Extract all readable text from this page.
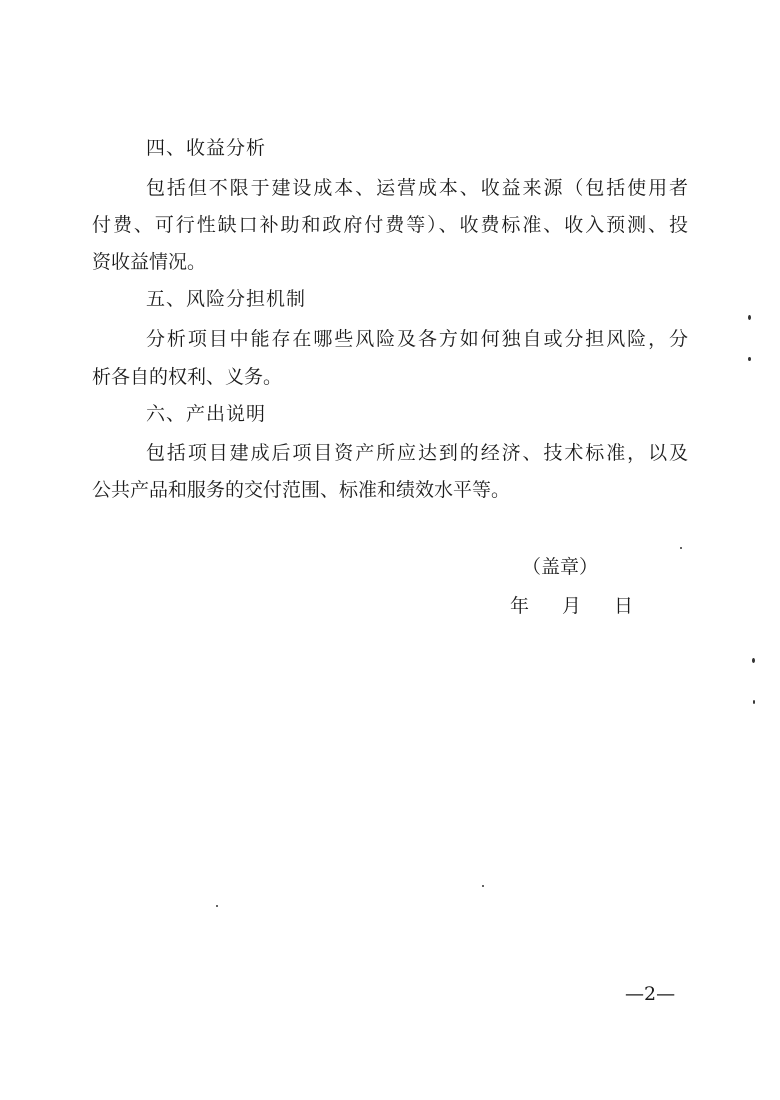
四、收益分析
包括但不限于建设成本、运营成本、收益来源（包括使用者
付费、可行性缺口补助和政府付费等）、收费标准、收入预测、投
资收益情况。
五、风险分担机制
分析项目中能存在哪些风险及各方如何独自或分担风险，分
析各自的权利、义务。
六、产出说明
包括项目建成后项目资产所应达到的经济、技术标准，以及
公共产品和服务的交付范围、标准和绩效水平等。
（盖章）
年 月 日
—2—
